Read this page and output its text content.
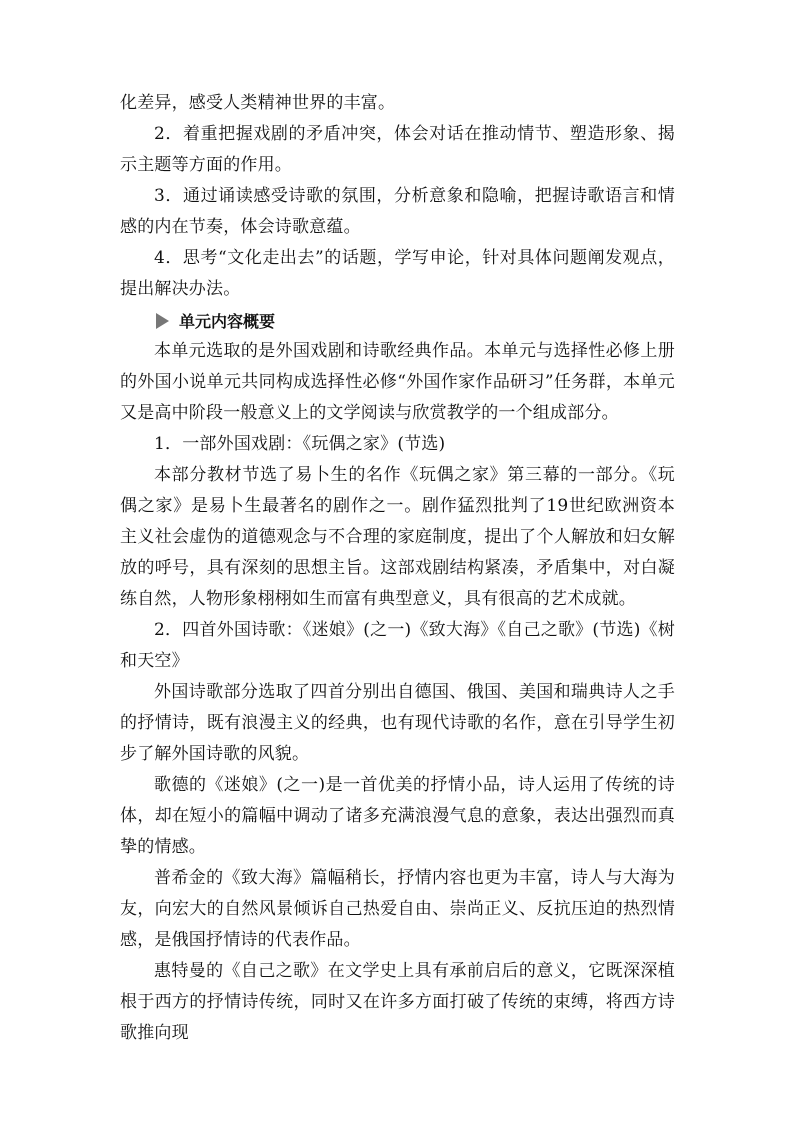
化差异，感受人类精神世界的丰富。

2．着重把握戏剧的矛盾冲突，体会对话在推动情节、塑造形象、揭示主题等方面的作用。

3．通过诵读感受诗歌的氛围，分析意象和隐喻，把握诗歌语言和情感的内在节奏，体会诗歌意蕴。

4．思考“文化走出去”的话题，学写申论，针对具体问题阐发观点，提出解决办法。

单元内容概要

本单元选取的是外国戏剧和诗歌经典作品。本单元与选择性必修上册的外国小说单元共同构成选择性必修“外国作家作品研习”任务群，本单元又是高中阶段一般意义上的文学阅读与欣赏教学的一个组成部分。

1．一部外国戏剧：《玩偶之家》(节选)

本部分教材节选了易卜生的名作《玩偶之家》第三幕的一部分。《玩偶之家》是易卜生最著名的剧作之一。剧作猛烈批判了19世纪欧洲资本主义社会虚伪的道德观念与不合理的家庭制度，提出了个人解放和妇女解放的呼号，具有深刻的思想主旨。这部戏剧结构紧凑，矛盾集中，对白凝练自然，人物形象栩栩如生而富有典型意义，具有很高的艺术成就。

2．四首外国诗歌：《迷娘》(之一)《致大海》《自己之歌》(节选)《树和天空》

外国诗歌部分选取了四首分别出自德国、俄国、美国和瑞典诗人之手的抒情诗，既有浪漫主义的经典，也有现代诗歌的名作，意在引导学生初步了解外国诗歌的风貌。

歌德的《迷娘》(之一)是一首优美的抒情小品，诗人运用了传统的诗体，却在短小的篇幅中调动了诸多充满浪漫气息的意象，表达出强烈而真挚的情感。

普希金的《致大海》篇幅稍长，抒情内容也更为丰富，诗人与大海为友，向宏大的自然风景倾诉自己热爱自由、崇尚正义、反抗压迫的热烈情感，是俄国抒情诗的代表作品。

惠特曼的《自己之歌》在文学史上具有承前启后的意义，它既深深植根于西方的抒情诗传统，同时又在许多方面打破了传统的束缚，将西方诗歌推向现
